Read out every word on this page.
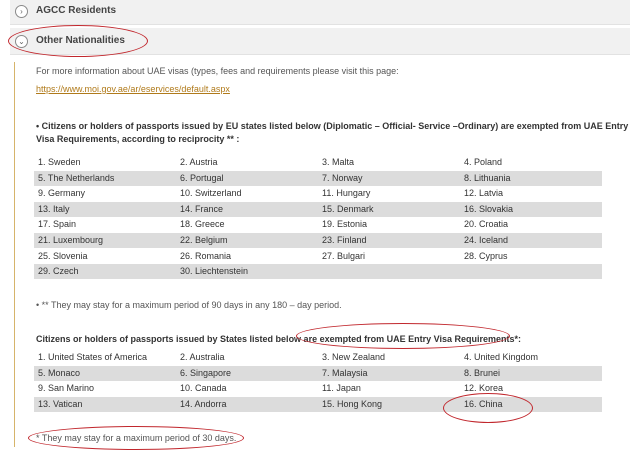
›	AGCC Residents
⌄	Other Nationalities
For more information about UAE visas (types, fees and requirements please visit this page:
https://www.moi.gov.ae/ar/eservices/default.aspx
• Citizens or holders of passports issued by EU states listed below (Diplomatic – Official- Service –Ordinary) are exempted from UAE Entry
Visa Requirements, according to reciprocity ** :
1. Sweden	2. Austria	3. Malta	4. Poland
5. The Netherlands	6. Portugal	7. Norway	8. Lithuania
9. Germany	10. Switzerland	11. Hungary	12. Latvia
13. Italy	14. France	15. Denmark	16. Slovakia
17. Spain	18. Greece	19. Estonia	20. Croatia
21. Luxembourg	22. Belgium	23. Finland	24. Iceland
25. Slovenia	26. Romania	27. Bulgari	28. Cyprus
29. Czech	30. Liechtenstein
• ** They may stay for a maximum period of 90 days in any 180 – day period.
Citizens or holders of passports issued by States listed below are exempted from UAE Entry Visa Requirements*:
1. United States of America	2. Australia	3. New Zealand	4. United Kingdom
5. Monaco	6. Singapore	7. Malaysia	8. Brunei
9. San Marino	10. Canada	11. Japan	12. Korea
13. Vatican	14. Andorra	15. Hong Kong	16. China
* They may stay for a maximum period of 30 days.
